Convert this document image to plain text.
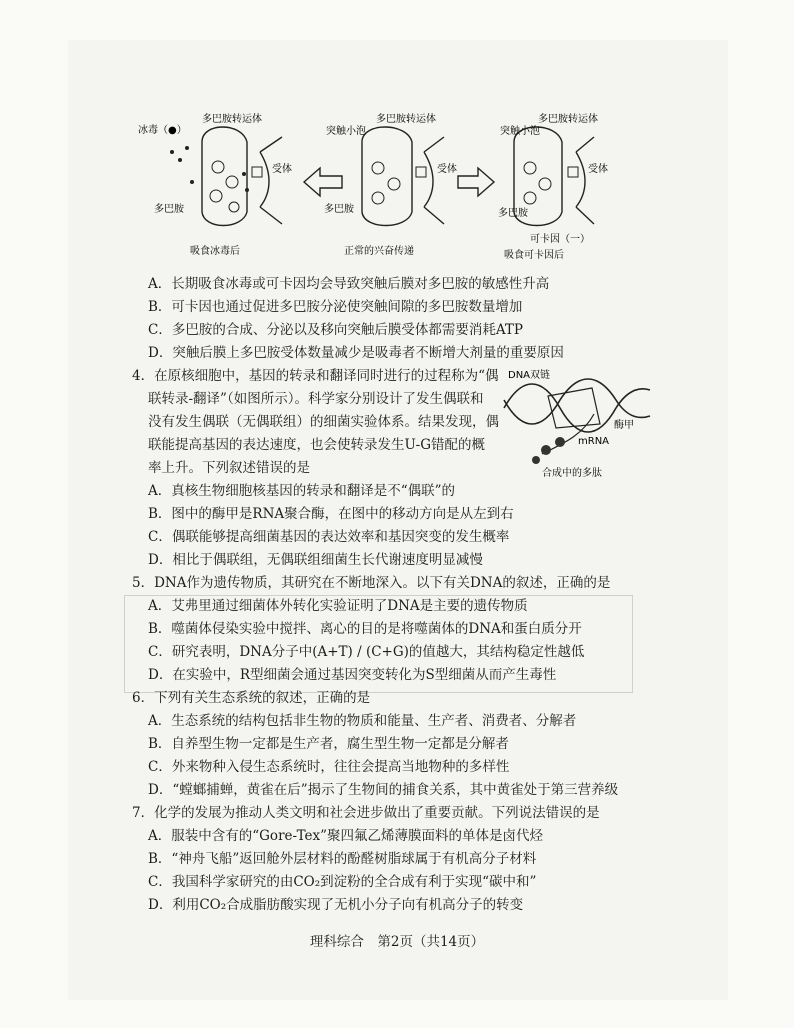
冰毒（●）
多巴胺转运体
受体
多巴胺
吸食冰毒后
突触小泡
多巴胺转运体
受体
多巴胺
正常的兴奋传递
突触小泡
多巴胺转运体
受体
多巴胺
可卡因（一）
吸食可卡因后
A．长期吸食冰毒或可卡因均会导致突触后膜对多巴胺的敏感性升高
B．可卡因也通过促进多巴胺分泌使突触间隙的多巴胺数量增加
C．多巴胺的合成、分泌以及移向突触后膜受体都需要消耗ATP
D．突触后膜上多巴胺受体数量减少是吸毒者不断增大剂量的重要原因
4．在原核细胞中，基因的转录和翻译同时进行的过程称为“偶
联转录-翻译”（如图所示）。科学家分别设计了发生偶联和
没有发生偶联（无偶联组）的细菌实验体系。结果发现，偶
联能提高基因的表达速度，也会使转录发生U-G错配的概
率上升。下列叙述错误的是
DNA双链
酶甲
mRNA
合成中的多肽
A．真核生物细胞核基因的转录和翻译是不“偶联”的
B．图中的酶甲是RNA聚合酶，在图中的移动方向是从左到右
C．偶联能够提高细菌基因的表达效率和基因突变的发生概率
D．相比于偶联组，无偶联组细菌生长代谢速度明显减慢
5．DNA作为遗传物质，其研究在不断地深入。以下有关DNA的叙述，正确的是
A．艾弗里通过细菌体外转化实验证明了DNA是主要的遗传物质
B．噬菌体侵染实验中搅拌、离心的目的是将噬菌体的DNA和蛋白质分开
C．研究表明，DNA分子中(A+T) / (C+G)的值越大，其结构稳定性越低
D．在实验中，R型细菌会通过基因突变转化为S型细菌从而产生毒性
6．下列有关生态系统的叙述，正确的是
A．生态系统的结构包括非生物的物质和能量、生产者、消费者、分解者
B．自养型生物一定都是生产者，腐生型生物一定都是分解者
C．外来物种入侵生态系统时，往往会提高当地物种的多样性
D．“螳螂捕蝉，黄雀在后”揭示了生物间的捕食关系，其中黄雀处于第三营养级
7．化学的发展为推动人类文明和社会进步做出了重要贡献。下列说法错误的是
A．服装中含有的“Gore-Tex”聚四氟乙烯薄膜面料的单体是卤代烃
B．“神舟飞船”返回舱外层材料的酚醛树脂球属于有机高分子材料
C．我国科学家研究的由CO₂到淀粉的全合成有利于实现“碳中和”
D．利用CO₂合成脂肪酸实现了无机小分子向有机高分子的转变
理科综合　第2页（共14页）
